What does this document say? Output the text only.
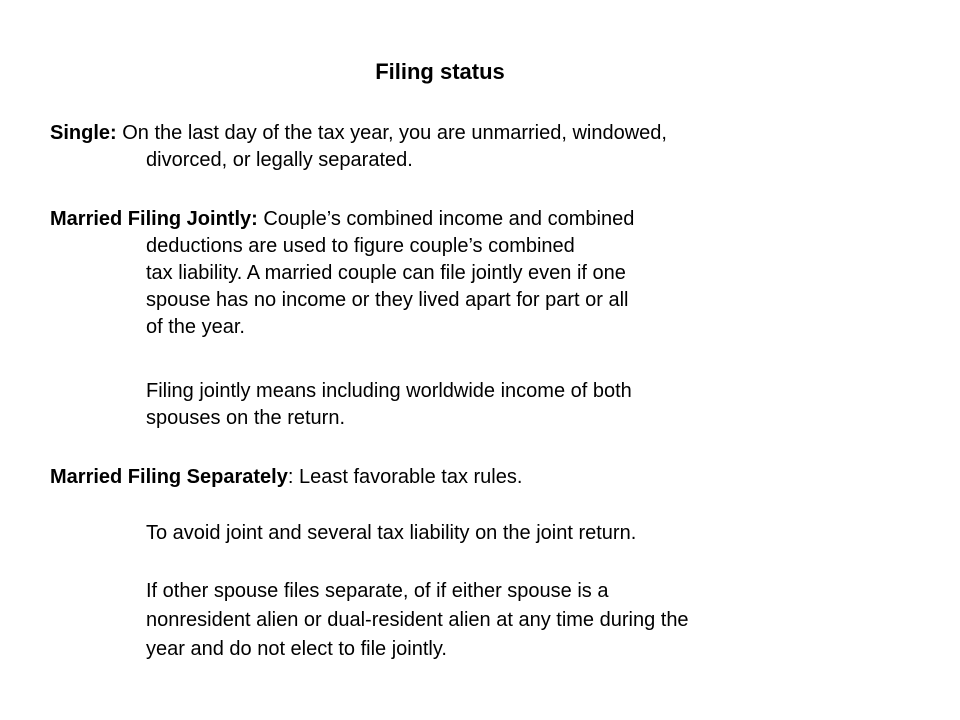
Filing status
Single: On the last day of the tax year, you are unmarried, windowed,
divorced, or legally separated.
Married Filing Jointly: Couple’s combined income and combined
deductions are used to figure couple’s combined
tax liability. A married couple can file jointly even if one
spouse has no income or they lived apart for part or all
of the year.
Filing jointly means including worldwide income of both
spouses on the return.
Married Filing Separately: Least favorable tax rules.
To avoid joint and several tax liability on the joint return.
If other spouse files separate, of if either spouse is a
nonresident alien or dual-resident alien at any time during the
year and do not elect to file jointly.
